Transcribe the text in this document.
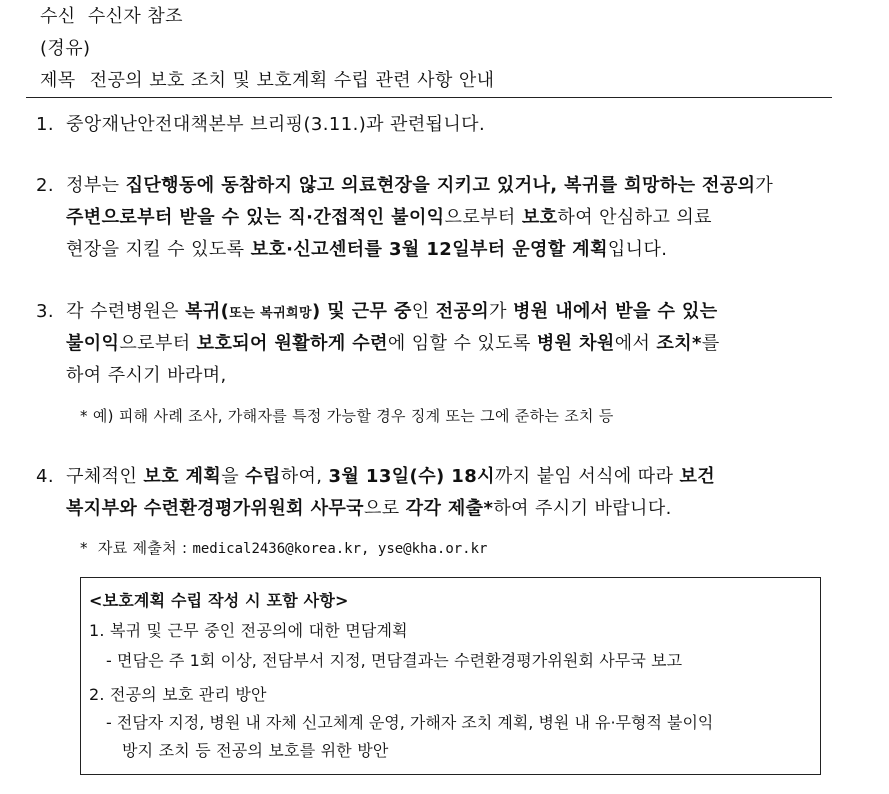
수신  수신자 참조
(경유)
제목 전공의 보호 조치 및 보호계획 수립 관련 사항 안내
1. 중앙재난안전대책본부 브리핑(3.11.)과 관련됩니다.
2. 정부는 집단행동에 동참하지 않고 의료현장을 지키고 있거나, 복귀를 희망하는 전공의가
주변으로부터 받을 수 있는 직·간접적인 불이익으로부터 보호하여 안심하고 의료
현장을 지킬 수 있도록 보호·신고센터를 3월 12일부터 운영할 계획입니다.
3. 각 수련병원은 복귀(또는 복귀희망) 및 근무 중인 전공의가 병원 내에서 받을 수 있는
불이익으로부터 보호되어 원활하게 수련에 임할 수 있도록 병원 차원에서 조치*를
하여 주시기 바라며,
* 예) 피해 사례 조사, 가해자를 특정 가능할 경우 징계 또는 그에 준하는 조치 등
4. 구체적인 보호 계획을 수립하여, 3월 13일(수) 18시까지 붙임 서식에 따라 보건
복지부와 수련환경평가위원회 사무국으로 각각 제출*하여 주시기 바랍니다.
*  자료 제출처 : medical2436@korea.kr, yse@kha.or.kr
<보호계획 수립 작성 시 포함 사항>
1. 복귀 및 근무 중인 전공의에 대한 면담계획
- 면담은 주 1회 이상, 전담부서 지정, 면담결과는 수련환경평가위원회 사무국 보고
2. 전공의 보호 관리 방안
- 전담자 지정, 병원 내 자체 신고체계 운영, 가해자 조치 계획, 병원 내 유·무형적 불이익
방지 조치 등 전공의 보호를 위한 방안
